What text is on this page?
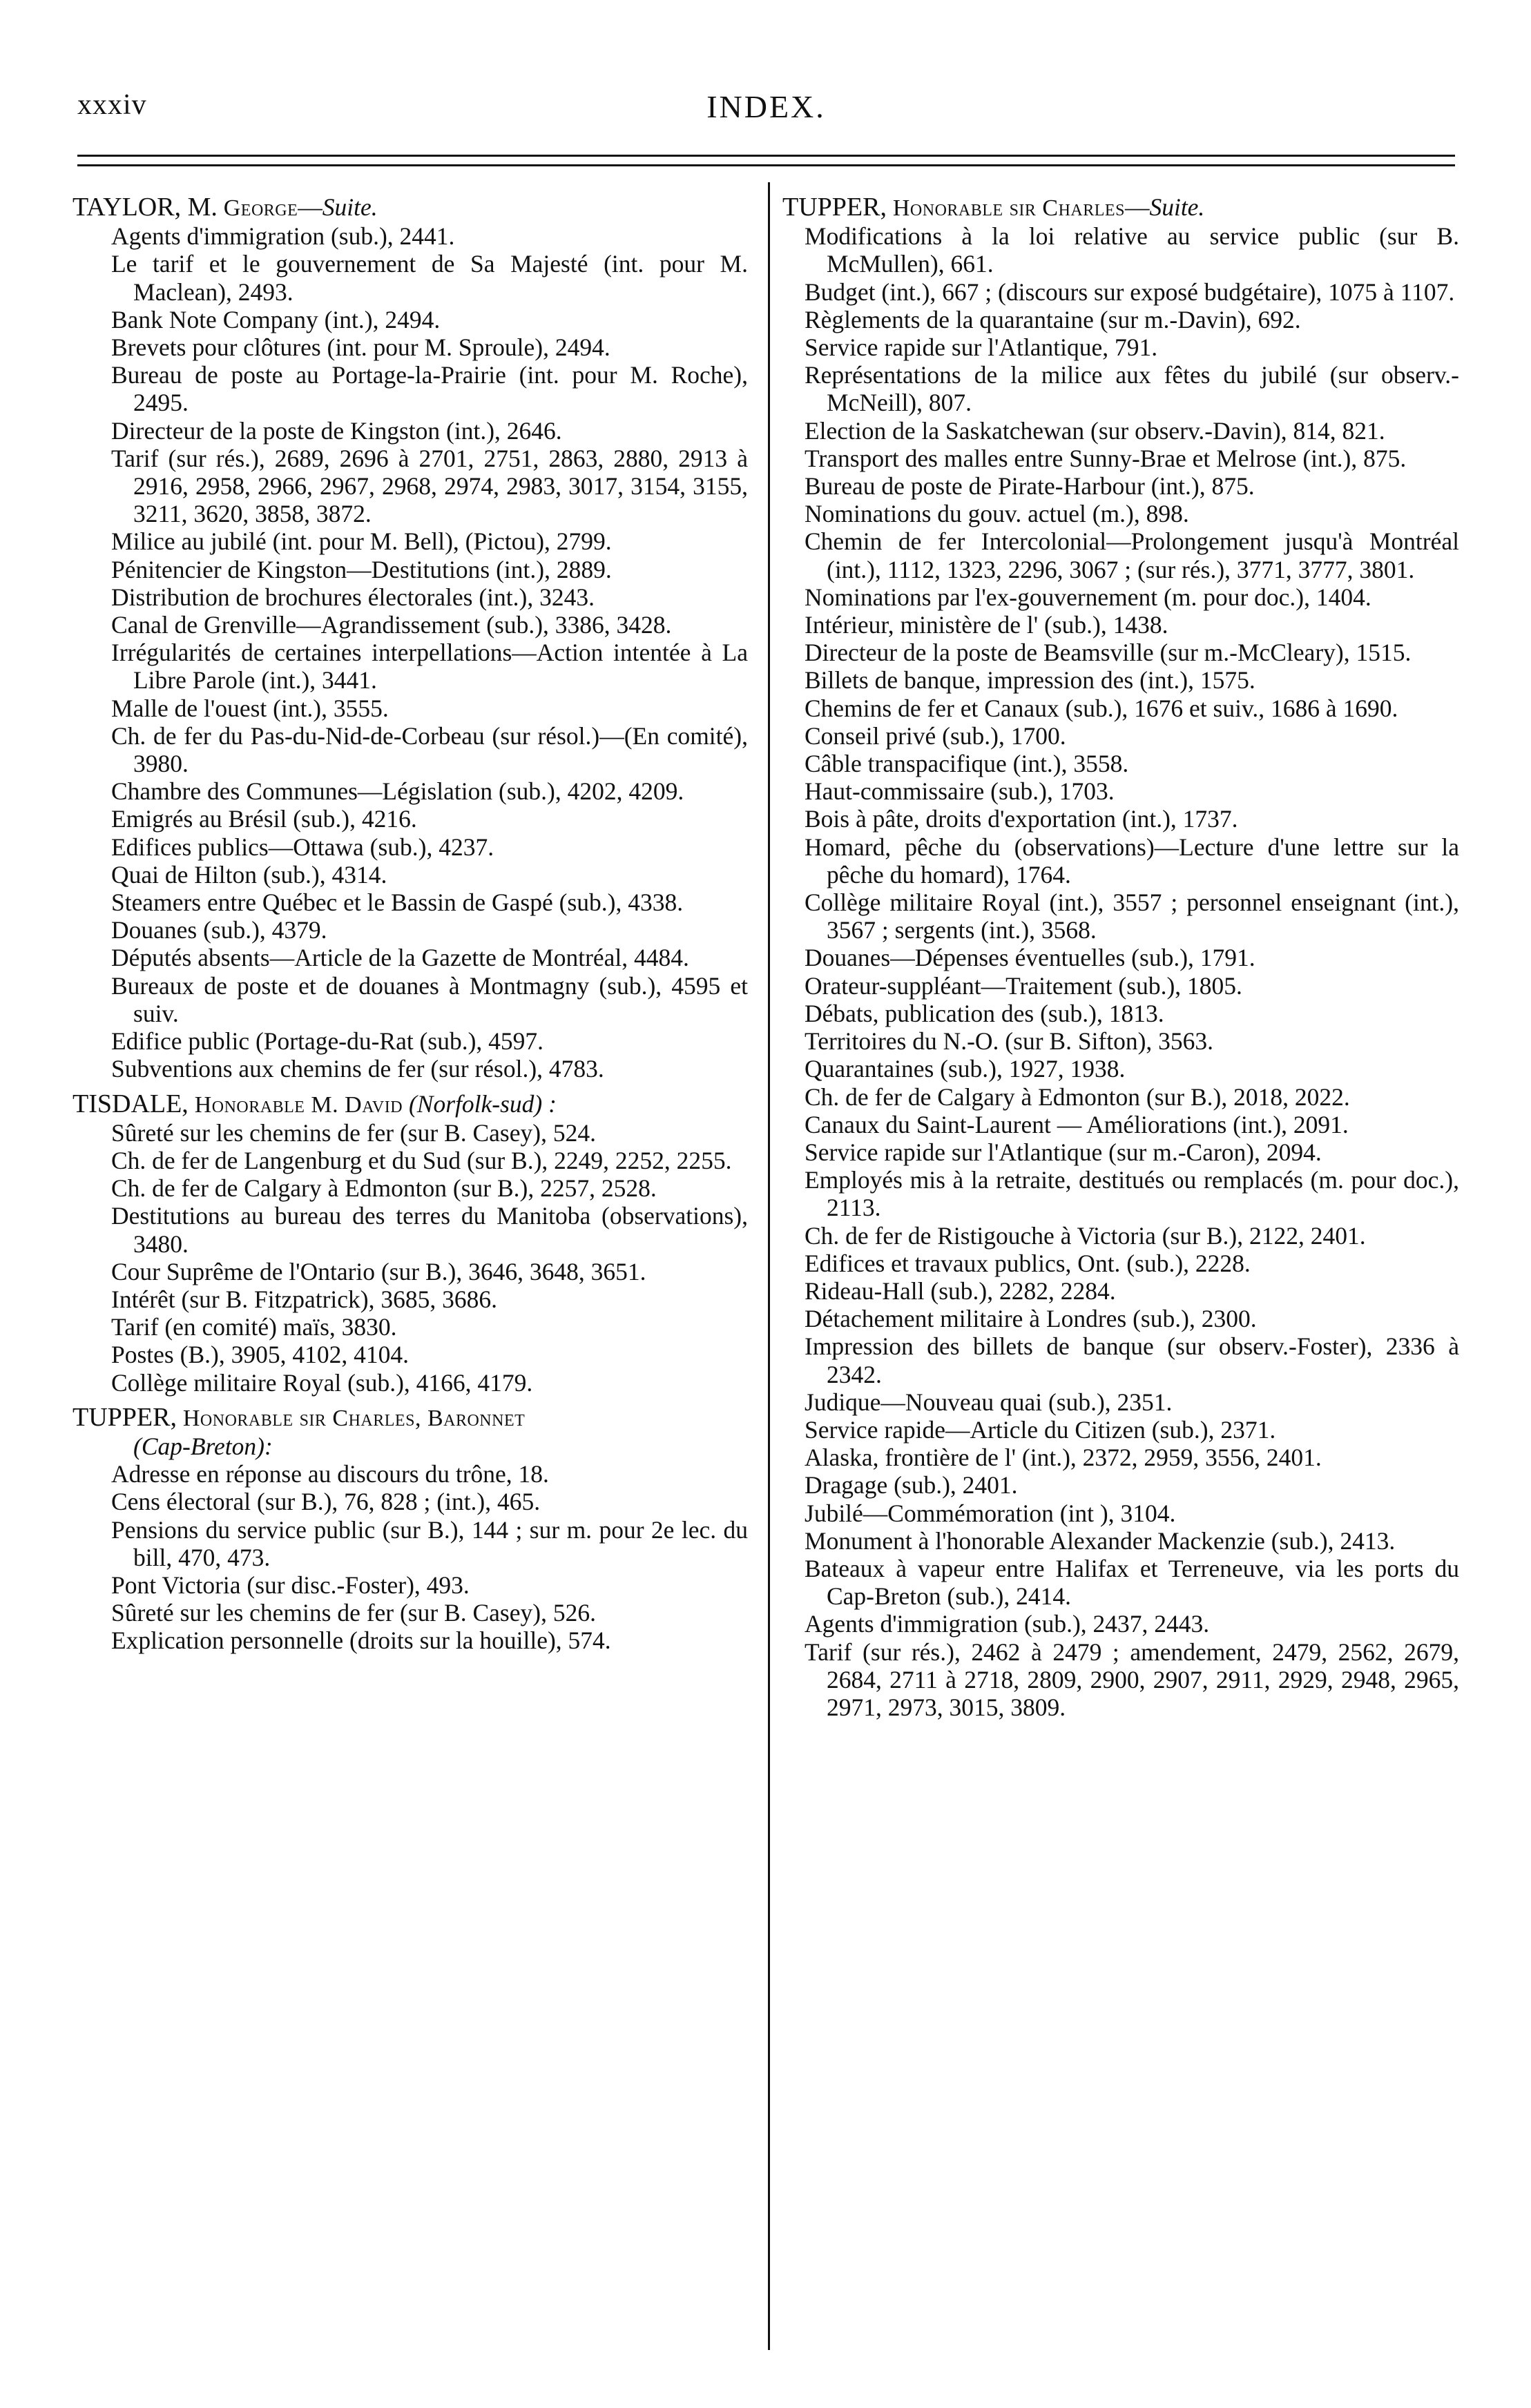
xxxiv	INDEX.
TAYLOR, M. George—Suite.
Agents d'immigration (sub.), 2441.
Le tarif et le gouvernement de Sa Majesté (int. pour M. Maclean), 2493.
Bank Note Company (int.), 2494.
Brevets pour clôtures (int. pour M. Sproule), 2494.
Bureau de poste au Portage-la-Prairie (int. pour M. Roche), 2495.
Directeur de la poste de Kingston (int.), 2646.
Tarif (sur rés.), 2689, 2696 à 2701, 2751, 2863, 2880, 2913 à 2916, 2958, 2966, 2967, 2968, 2974, 2983, 3017, 3154, 3155, 3211, 3620, 3858, 3872.
Milice au jubilé (int. pour M. Bell), (Pictou), 2799.
Pénitencier de Kingston—Destitutions (int.), 2889.
Distribution de brochures électorales (int.), 3243.
Canal de Grenville—Agrandissement (sub.), 3386, 3428.
Irrégularités de certaines interpellations—Action intentée à La Libre Parole (int.), 3441.
Malle de l'ouest (int.), 3555.
Ch. de fer du Pas-du-Nid-de-Corbeau (sur résol.)—(En comité), 3980.
Chambre des Communes—Législation (sub.), 4202, 4209.
Emigrés au Brésil (sub.), 4216.
Edifices publics—Ottawa (sub.), 4237.
Quai de Hilton (sub.), 4314.
Steamers entre Québec et le Bassin de Gaspé (sub.), 4338.
Douanes (sub.), 4379.
Députés absents—Article de la Gazette de Montréal, 4484.
Bureaux de poste et de douanes à Montmagny (sub.), 4595 et suiv.
Edifice public (Portage-du-Rat (sub.), 4597.
Subventions aux chemins de fer (sur résol.), 4783.
TISDALE, Honorable M. David (Norfolk-sud) :
Sûreté sur les chemins de fer (sur B. Casey), 524.
Ch. de fer de Langenburg et du Sud (sur B.), 2249, 2252, 2255.
Ch. de fer de Calgary à Edmonton (sur B.), 2257, 2528.
Destitutions au bureau des terres du Manitoba (observations), 3480.
Cour Suprême de l'Ontario (sur B.), 3646, 3648, 3651.
Intérêt (sur B. Fitzpatrick), 3685, 3686.
Tarif (en comité) maïs, 3830.
Postes (B.), 3905, 4102, 4104.
Collège militaire Royal (sub.), 4166, 4179.
TUPPER, Honorable sir Charles, Baronnet
(Cap-Breton):
Adresse en réponse au discours du trône, 18.
Cens électoral (sur B.), 76, 828 ; (int.), 465.
Pensions du service public (sur B.), 144 ; sur m. pour 2e lec. du bill, 470, 473.
Pont Victoria (sur disc.-Foster), 493.
Sûreté sur les chemins de fer (sur B. Casey), 526.
Explication personnelle (droits sur la houille), 574.
TUPPER, Honorable sir Charles—Suite.
Modifications à la loi relative au service public (sur B. McMullen), 661.
Budget (int.), 667 ; (discours sur exposé budgétaire), 1075 à 1107.
Règlements de la quarantaine (sur m.-Davin), 692.
Service rapide sur l'Atlantique, 791.
Représentations de la milice aux fêtes du jubilé (sur observ.-McNeill), 807.
Election de la Saskatchewan (sur observ.-Davin), 814, 821.
Transport des malles entre Sunny-Brae et Melrose (int.), 875.
Bureau de poste de Pirate-Harbour (int.), 875.
Nominations du gouv. actuel (m.), 898.
Chemin de fer Intercolonial—Prolongement jusqu'à Montréal (int.), 1112, 1323, 2296, 3067 ; (sur rés.), 3771, 3777, 3801.
Nominations par l'ex-gouvernement (m. pour doc.), 1404.
Intérieur, ministère de l' (sub.), 1438.
Directeur de la poste de Beamsville (sur m.-McCleary), 1515.
Billets de banque, impression des (int.), 1575.
Chemins de fer et Canaux (sub.), 1676 et suiv., 1686 à 1690.
Conseil privé (sub.), 1700.
Câble transpacifique (int.), 3558.
Haut-commissaire (sub.), 1703.
Bois à pâte, droits d'exportation (int.), 1737.
Homard, pêche du (observations)—Lecture d'une lettre sur la pêche du homard), 1764.
Collège militaire Royal (int.), 3557 ; personnel enseignant (int.), 3567 ; sergents (int.), 3568.
Douanes—Dépenses éventuelles (sub.), 1791.
Orateur-suppléant—Traitement (sub.), 1805.
Débats, publication des (sub.), 1813.
Territoires du N.-O. (sur B. Sifton), 3563.
Quarantaines (sub.), 1927, 1938.
Ch. de fer de Calgary à Edmonton (sur B.), 2018, 2022.
Canaux du Saint-Laurent — Améliorations (int.), 2091.
Service rapide sur l'Atlantique (sur m.-Caron), 2094.
Employés mis à la retraite, destitués ou remplacés (m. pour doc.), 2113.
Ch. de fer de Ristigouche à Victoria (sur B.), 2122, 2401.
Edifices et travaux publics, Ont. (sub.), 2228.
Rideau-Hall (sub.), 2282, 2284.
Détachement militaire à Londres (sub.), 2300.
Impression des billets de banque (sur observ.-Foster), 2336 à 2342.
Judique—Nouveau quai (sub.), 2351.
Service rapide—Article du Citizen (sub.), 2371.
Alaska, frontière de l' (int.), 2372, 2959, 3556, 2401.
Dragage (sub.), 2401.
Jubilé—Commémoration (int ), 3104.
Monument à l'honorable Alexander Mackenzie (sub.), 2413.
Bateaux à vapeur entre Halifax et Terreneuve, via les ports du Cap-Breton (sub.), 2414.
Agents d'immigration (sub.), 2437, 2443.
Tarif (sur rés.), 2462 à 2479 ; amendement, 2479, 2562, 2679, 2684, 2711 à 2718, 2809, 2900, 2907, 2911, 2929, 2948, 2965, 2971, 2973, 3015, 3809.
